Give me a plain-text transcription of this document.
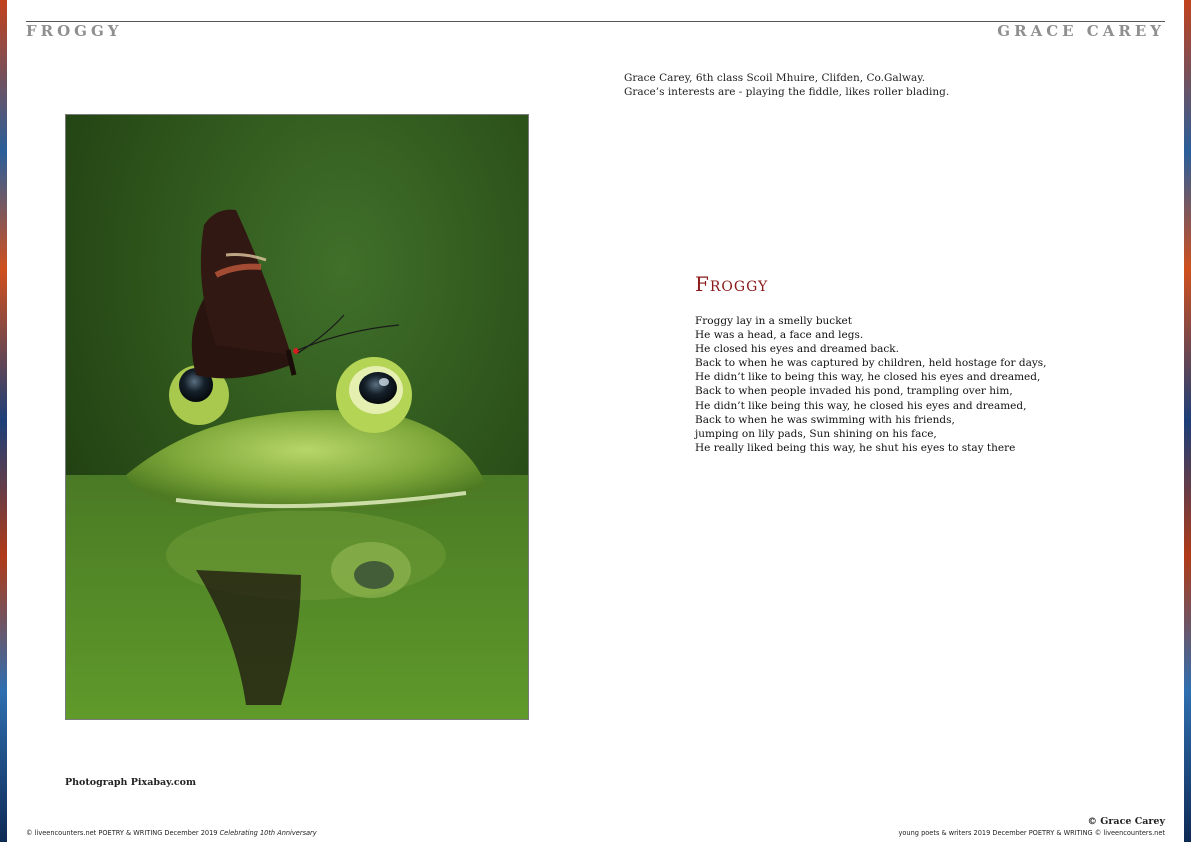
FROGGY	GRACE CAREY
Grace Carey, 6th class Scoil Mhuire, Clifden, Co.Galway.
Grace’s interests are - playing the fiddle, likes roller blading.
Photograph Pixabay.com
Froggy
Froggy lay in a smelly bucket
He was a head, a face and legs.
He closed his eyes and dreamed back.
Back to when he was captured by children, held hostage for days,
He didn’t like to being this way, he closed his eyes and dreamed,
Back to when people invaded his pond, trampling over him,
He didn’t like being this way, he closed his eyes and dreamed,
Back to when he was swimming with his friends,
jumping on lily pads, Sun shining on his face,
He really liked being this way, he shut his eyes to stay there
© Grace Carey
© liveencounters.net POETRY & WRITING December 2019 Celebrating 10th Anniversary	young poets & writers 2019 December POETRY & WRITING © liveencounters.net
